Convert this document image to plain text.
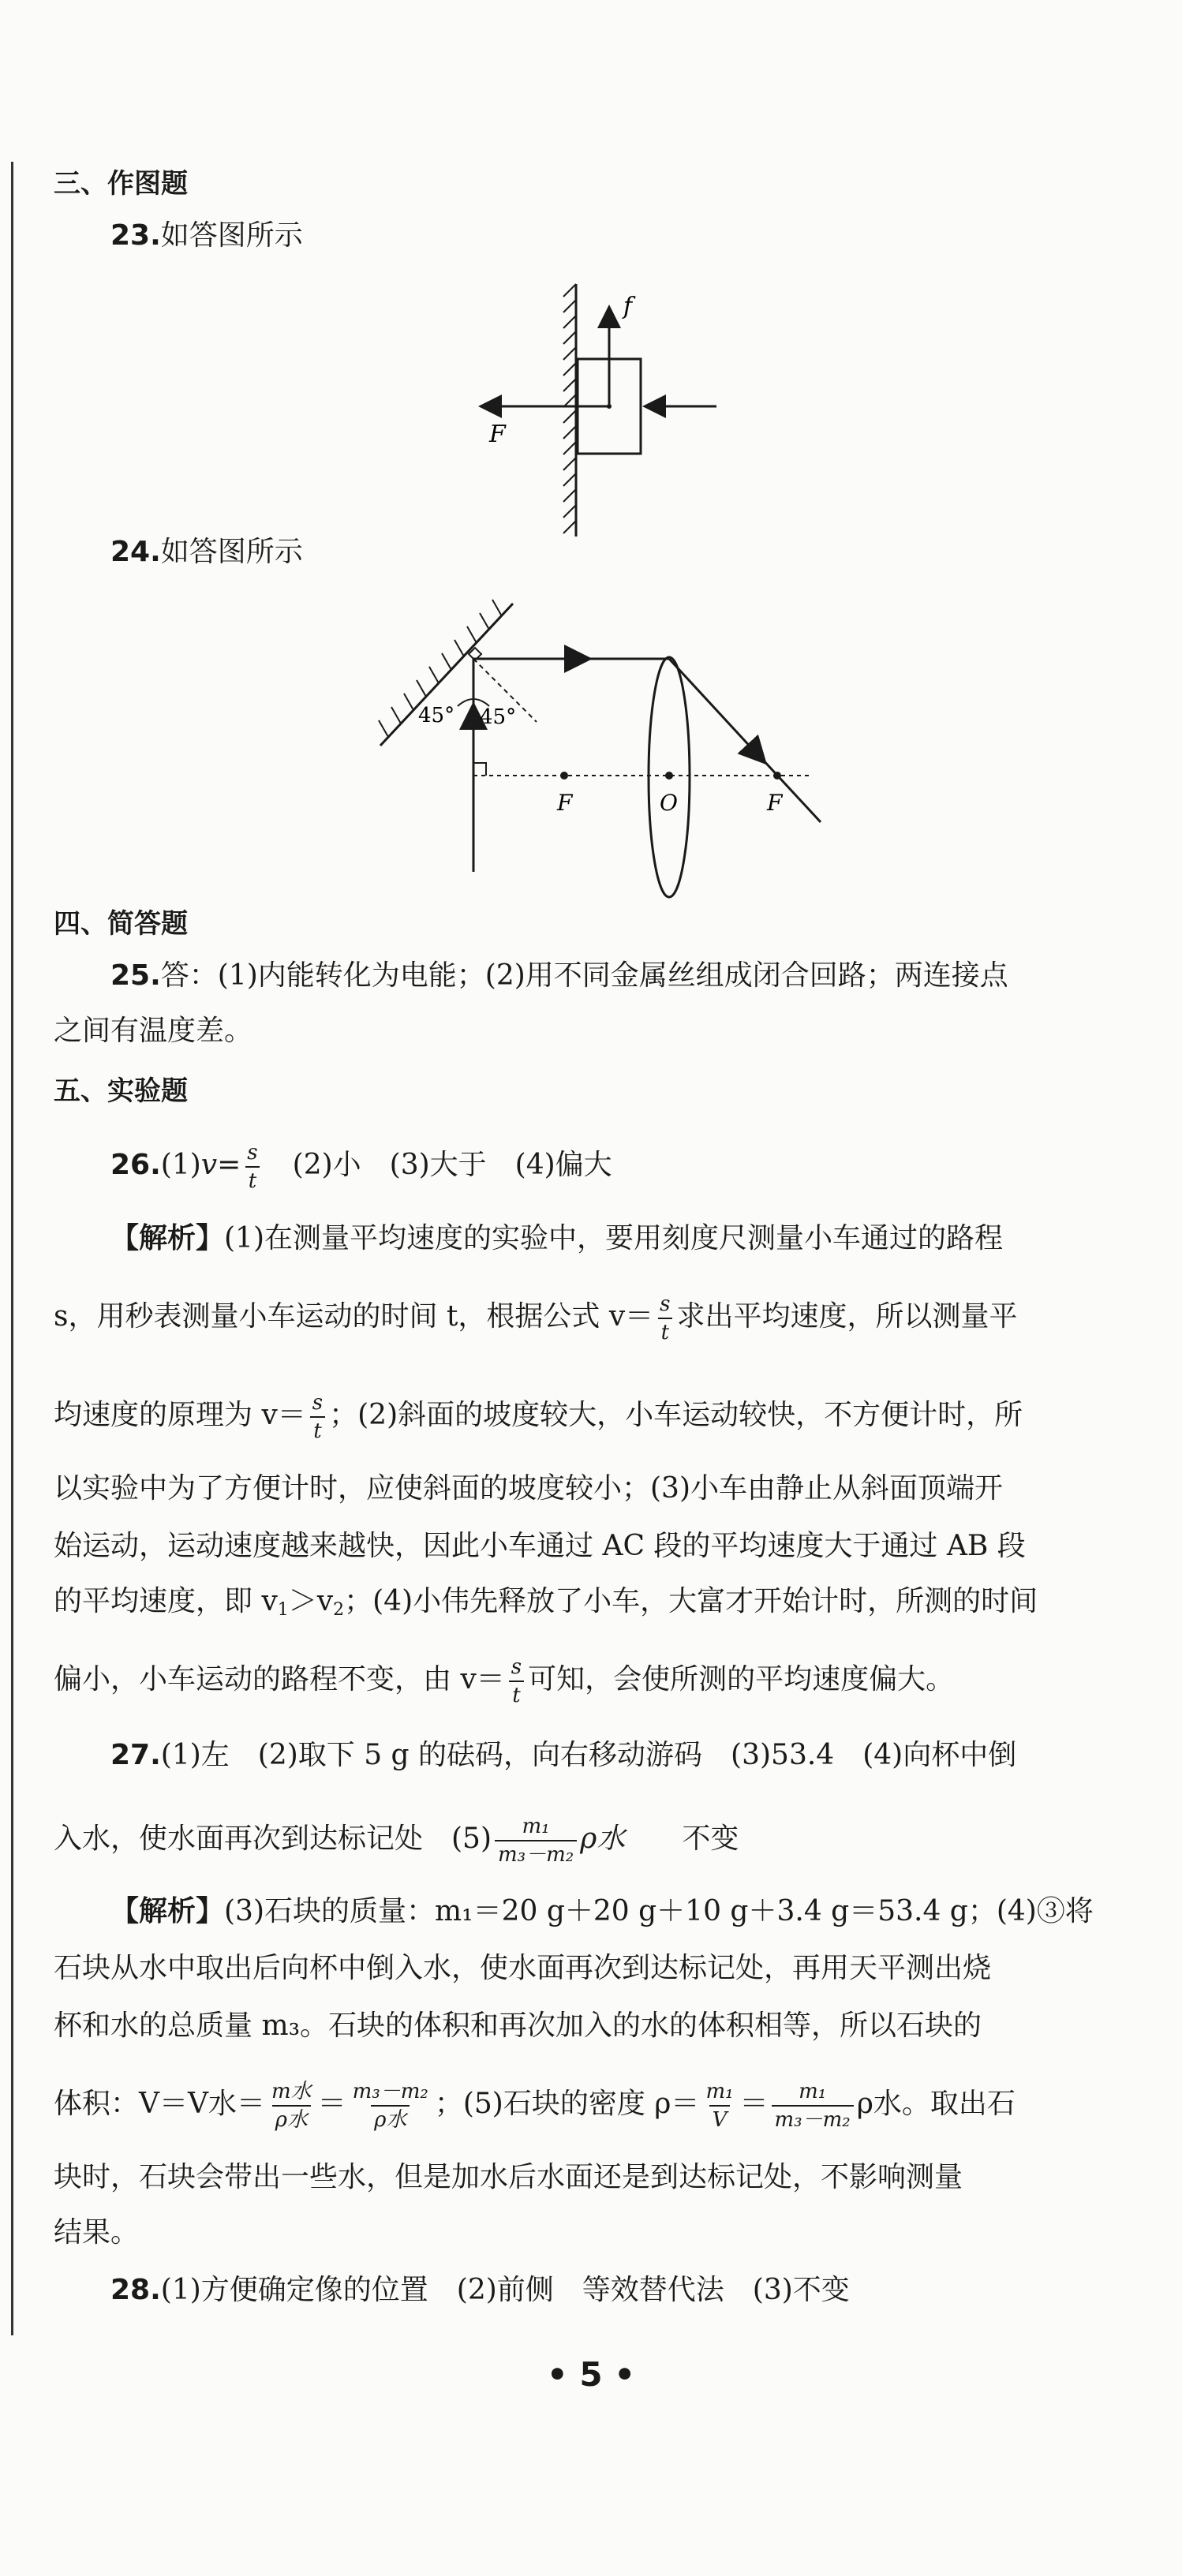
三、作图题
23.如答图所示
f
F
24.如答图所示
45° 45°
F	O	F
四、简答题
25.答：(1)内能转化为电能；(2)用不同金属丝组成闭合回路；两连接点
之间有温度差。
五、实验题
$26.(1)v= \frac{s}{t}$
　 (2)小　(3)大于　(4)偏大
【解析】(1)在测量平均速度的实验中，要用刻度尺测量小车通过的路程
s，用秒表测量小车运动的时间 t，根据公式 $v= \frac{s}{t}$ 求出平均速度，所以测量平
均速度的原理为 $v= \frac{s}{t}$ ；(2)斜面的坡度较大，小车运动较快，不方便计时，所
以实验中为了方便计时，应使斜面的坡度较小；(3)小车由静止从斜面顶端开
始运动，运动速度越来越快，因此小车通过 AC 段的平均速度大于通过 AB 段
的平均速度，即 $v_1>v_2$；(4)小伟先释放了小车，大富才开始计时，所测的时间
偏小，小车运动的路程不变，由 $v= \frac{s}{t}$ 可知，会使所测的平均速度偏大。
27.(1)左　(2)取下 5 g 的砝码，向右移动游码　(3)53.4　(4)向杯中倒
入水，使水面再次到达标记处　$(5) \frac{\text{m₁}}{\text{m₃－m₂}}$ ρ水　　 不变
【解析】(3)石块的质量：m₁＝20 g＋20 g＋10 g＋3.4 g＝53.4 g；(4)③将
石块从水中取出后向杯中倒入水，使水面再次到达标记处，再用天平测出烧
杯和水的总质量 m₃。石块的体积和再次加入的水的体积相等，所以石块的
体积：V＝V水＝ m水
ρ水 ＝ m₃－m₂
ρ水 ；(5)石块的密度 $\rho= \frac{\text{m₁}}{V} = \frac{\text{m₁}}{\text{m₃－m₂}}$ ρ水。取出石
块时，石块会带出一些水，但是加水后水面还是到达标记处，不影响测量
结果。
28.(1)方便确定像的位置　(2)前侧　等效替代法　(3)不变
• 5 •
